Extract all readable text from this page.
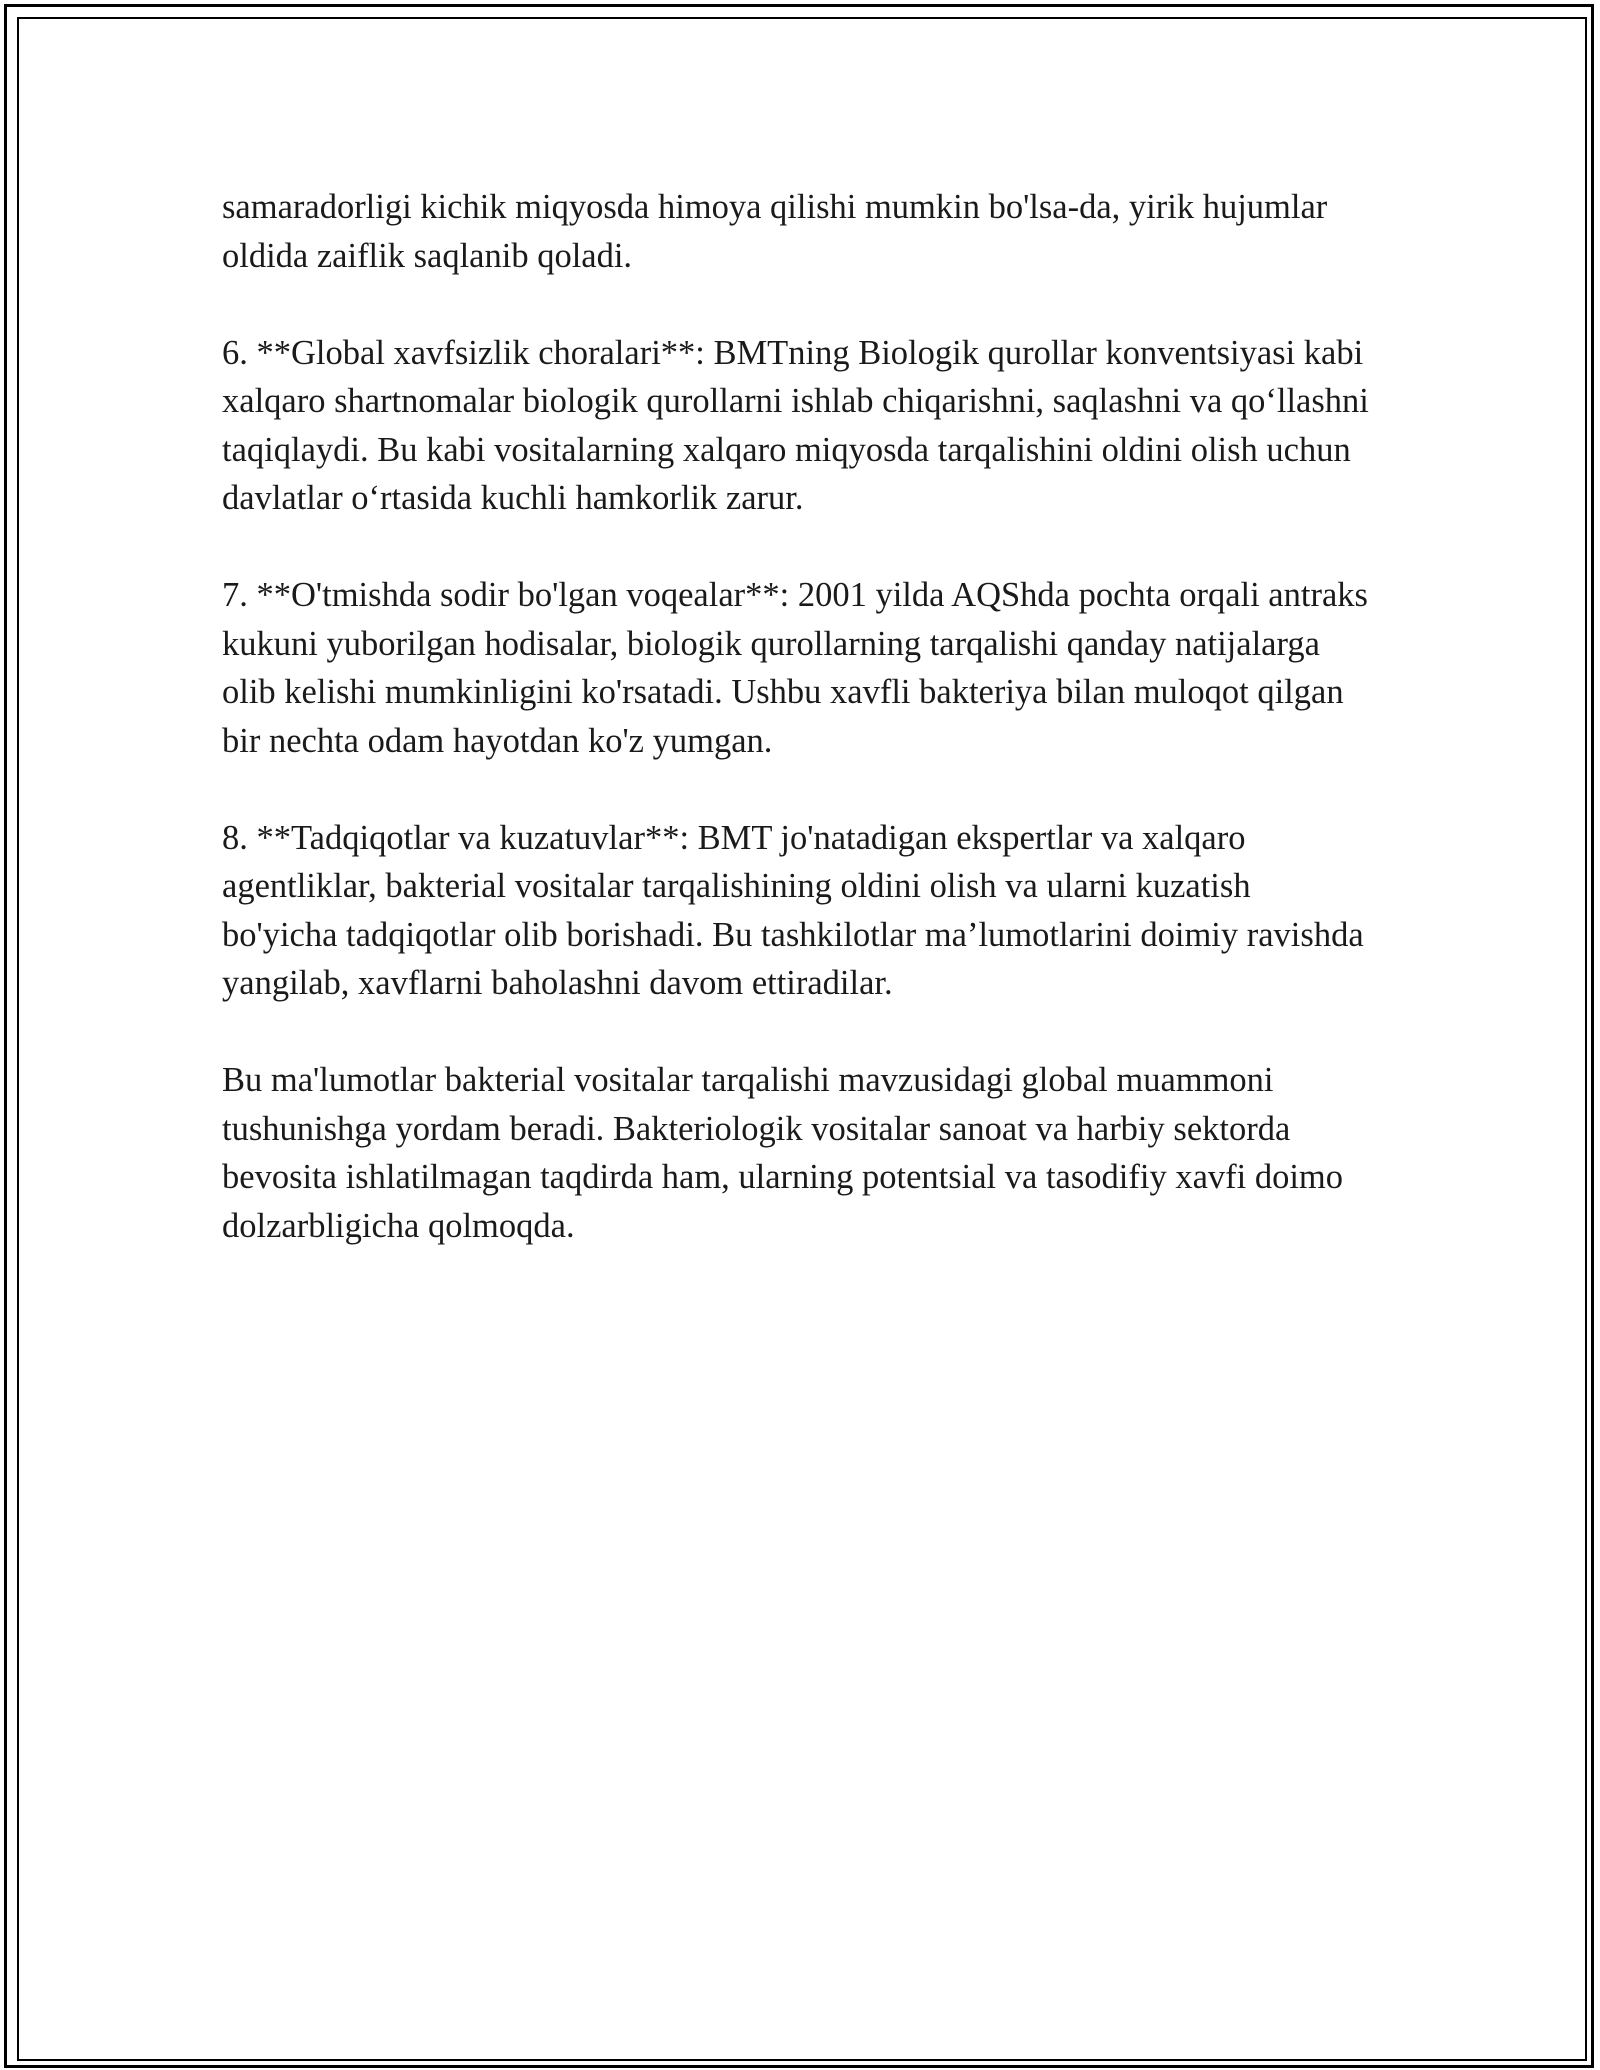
samaradorligi kichik miqyosda himoya qilishi mumkin bo'lsa-da, yirik hujumlar oldida zaiflik saqlanib qoladi.

6. **Global xavfsizlik choralari**: BMTning Biologik qurollar konventsiyasi kabi xalqaro shartnomalar biologik qurollarni ishlab chiqarishni, saqlashni va qo‘llashni taqiqlaydi. Bu kabi vositalarning xalqaro miqyosda tarqalishini oldini olish uchun davlatlar o‘rtasida kuchli hamkorlik zarur.

7. **O'tmishda sodir bo'lgan voqealar**: 2001 yilda AQShda pochta orqali antraks kukuni yuborilgan hodisalar, biologik qurollarning tarqalishi qanday natijalarga olib kelishi mumkinligini ko'rsatadi. Ushbu xavfli bakteriya bilan muloqot qilgan bir nechta odam hayotdan ko'z yumgan.

8. **Tadqiqotlar va kuzatuvlar**: BMT jo'natadigan ekspertlar va xalqaro agentliklar, bakterial vositalar tarqalishining oldini olish va ularni kuzatish bo'yicha tadqiqotlar olib borishadi. Bu tashkilotlar ma’lumotlarini doimiy ravishda yangilab, xavflarni baholashni davom ettiradilar.

Bu ma'lumotlar bakterial vositalar tarqalishi mavzusidagi global muammoni tushunishga yordam beradi. Bakteriologik vositalar sanoat va harbiy sektorda bevosita ishlatilmagan taqdirda ham, ularning potentsial va tasodifiy xavfi doimo dolzarbligicha qolmoqda.
